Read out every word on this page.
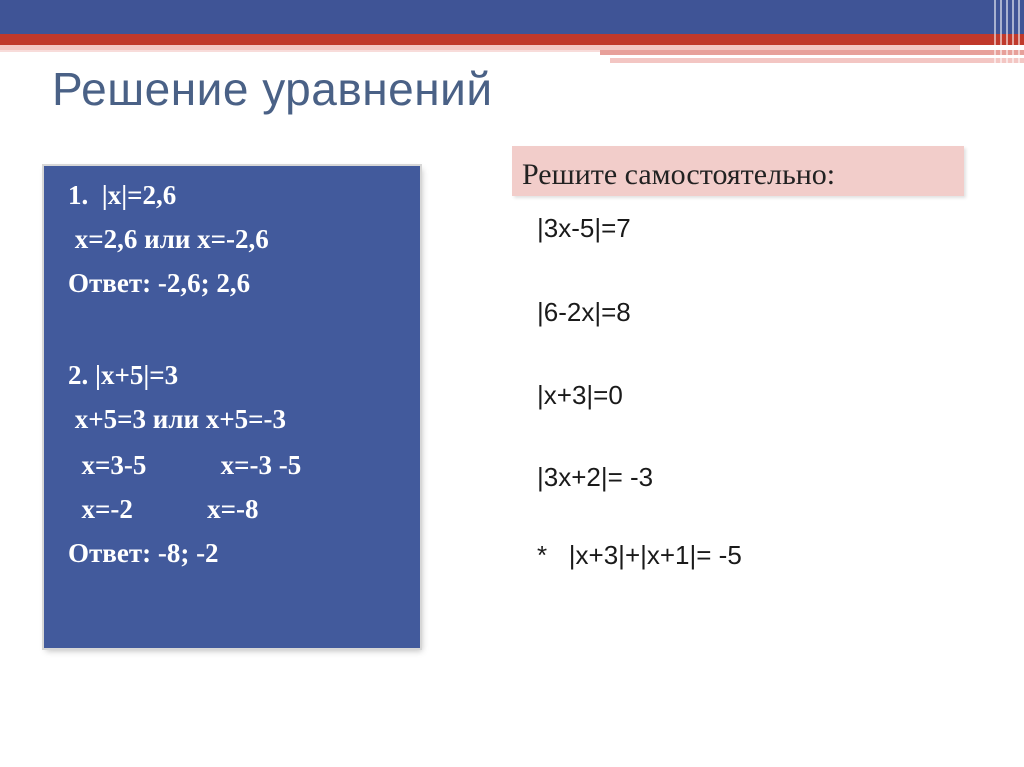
Решение уравнений
1.  |x|=2,6
x=2,6 или x=-2,6
Ответ: -2,6; 2,6
2. |x+5|=3
x+5=3 или x+5=-3
x=3-5           x=-3 -5
x=-2           x=-8
Ответ: -8; -2
Решите самостоятельно:
|3x-5|=7
|6-2x|=8
|x+3|=0
|3x+2|= -3
*   |x+3|+|x+1|= -5
